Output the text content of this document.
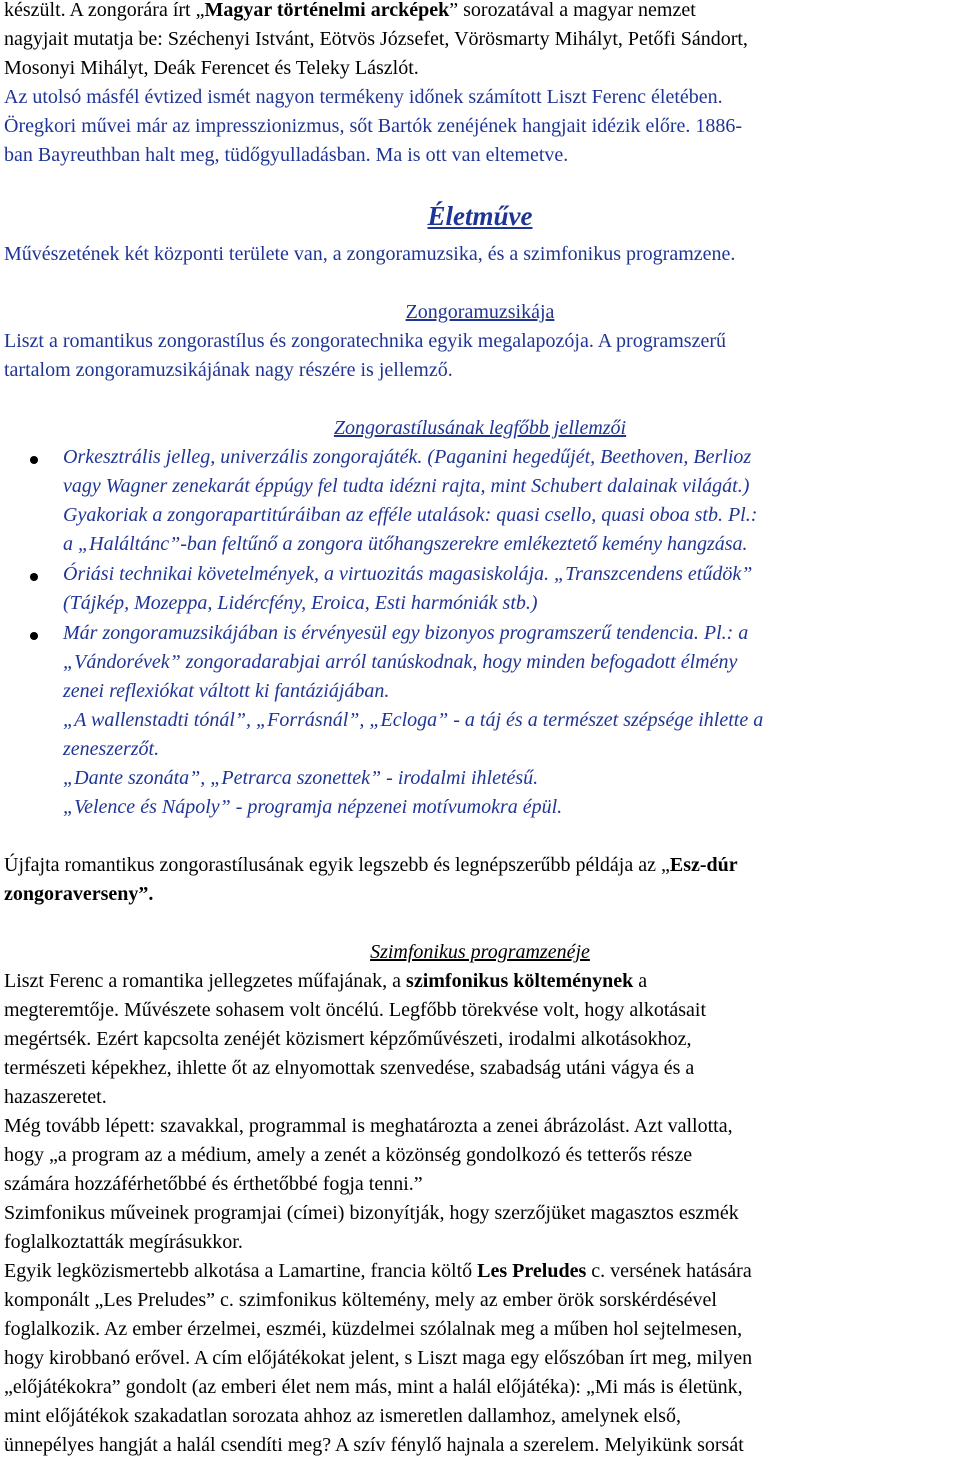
készült. A zongorára írt „Magyar történelmi arcképek” sorozatával a magyar nemzet
nagyjait mutatja be: Széchenyi Istvánt, Eötvös Józsefet, Vörösmarty Mihályt, Petőfi Sándort,
Mosonyi Mihályt, Deák Ferencet és Teleky Lászlót.
Az utolsó másfél évtized ismét nagyon termékeny időnek számított Liszt Ferenc életében.
Öregkori művei már az impresszionizmus, sőt Bartók zenéjének hangjait idézik előre. 1886-
ban Bayreuthban halt meg, tüdőgyulladásban. Ma is ott van eltemetve.
Életműve
Művészetének két központi területe van, a zongoramuzsika, és a szimfonikus programzene.
Zongoramuzsikája
Liszt a romantikus zongorastílus és zongoratechnika egyik megalapozója. A programszerű
tartalom zongoramuzsikájának nagy részére is jellemző.
Zongorastílusának legfőbb jellemzői
Orkesztrális jelleg, univerzális zongorajáték. (Paganini hegedűjét, Beethoven, Berlioz
vagy Wagner zenekarát éppúgy fel tudta idézni rajta, mint Schubert dalainak világát.)
Gyakoriak a zongorapartitúráiban az efféle utalások: quasi csello, quasi oboa stb. Pl.:
a „Haláltánc”-ban feltűnő a zongora ütőhangszerekre emlékeztető kemény hangzása.
Óriási technikai követelmények, a virtuozitás magasiskolája. „Transzcendens etűdök”
(Tájkép, Mozeppa, Lidércfény, Eroica, Esti harmóniák stb.)
Már zongoramuzsikájában is érvényesül egy bizonyos programszerű tendencia. Pl.: a
„Vándorévek” zongoradarabjai arról tanúskodnak, hogy minden befogadott élmény
zenei reflexiókat váltott ki fantáziájában.
„A wallenstadti tónál”, „Forrásnál”, „Ecloga” - a táj és a természet szépsége ihlette a
zeneszerzőt.
„Dante szonáta”, „Petrarca szonettek” - irodalmi ihletésű.
„Velence és Nápoly” - programja népzenei motívumokra épül.
Újfajta romantikus zongorastílusának egyik legszebb és legnépszerűbb példája az „Esz-dúr
zongoraverseny”.
Szimfonikus programzenéje
Liszt Ferenc a romantika jellegzetes műfajának, a szimfonikus költeménynek a
megteremtője. Művészete sohasem volt öncélú. Legfőbb törekvése volt, hogy alkotásait
megértsék. Ezért kapcsolta zenéjét közismert képzőművészeti, irodalmi alkotásokhoz,
természeti képekhez, ihlette őt az elnyomottak szenvedése, szabadság utáni vágya és a
hazaszeretet.
Még tovább lépett: szavakkal, programmal is meghatározta a zenei ábrázolást. Azt vallotta,
hogy „a program az a médium, amely a zenét a közönség gondolkozó és tetterős része
számára hozzáférhetőbbé és érthetőbbé fogja tenni.”
Szimfonikus műveinek programjai (címei) bizonyítják, hogy szerzőjüket magasztos eszmék
foglalkoztatták megírásukkor.
Egyik legközismertebb alkotása a Lamartine, francia költő Les Preludes c. versének hatására
komponált „Les Preludes” c. szimfonikus költemény, mely az ember örök sorskérdésével
foglalkozik. Az ember érzelmei, eszméi, küzdelmei szólalnak meg a műben hol sejtelmesen,
hogy kirobbanó erővel. A cím előjátékokat jelent, s Liszt maga egy előszóban írt meg, milyen
„előjátékokra” gondolt (az emberi élet nem más, mint a halál előjátéka): „Mi más is életünk,
mint előjátékok szakadatlan sorozata ahhoz az ismeretlen dallamhoz, amelynek első,
ünnepélyes hangját a halál csendíti meg? A szív fénylő hajnala a szerelem. Melyikünk sorsát
